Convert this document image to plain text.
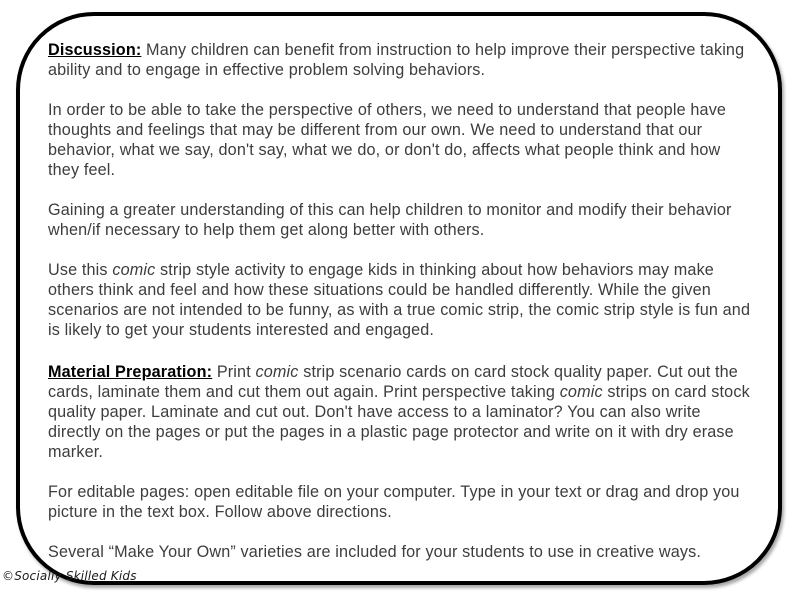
Discussion: Many children can benefit from instruction to help improve their perspective taking ability and to engage in effective problem solving behaviors.

In order to be able to take the perspective of others, we need to understand that people have thoughts and feelings that may be different from our own. We need to understand that our behavior, what we say, don't say, what we do, or don't do, affects what people think and how they feel.

Gaining a greater understanding of this can help children to monitor and modify their behavior when/if necessary to help them get along better with others.

Use this comic strip style activity to engage kids in thinking about how behaviors may make others think and feel and how these situations could be handled differently. While the given scenarios are not intended to be funny, as with a true comic strip, the comic strip style is fun and is likely to get your students interested and engaged.

Material Preparation: Print comic strip scenario cards on card stock quality paper. Cut out the cards, laminate them and cut them out again. Print perspective taking comic strips on card stock quality paper. Laminate and cut out. Don't have access to a laminator? You can also write directly on the pages or put the pages in a plastic page protector and write on it with dry erase marker.

For editable pages: open editable file on your computer. Type in your text or drag and drop you picture in the text box. Follow above directions.

Several “Make Your Own” varieties are included for your students to use in creative ways.

©Socially Skilled Kids
